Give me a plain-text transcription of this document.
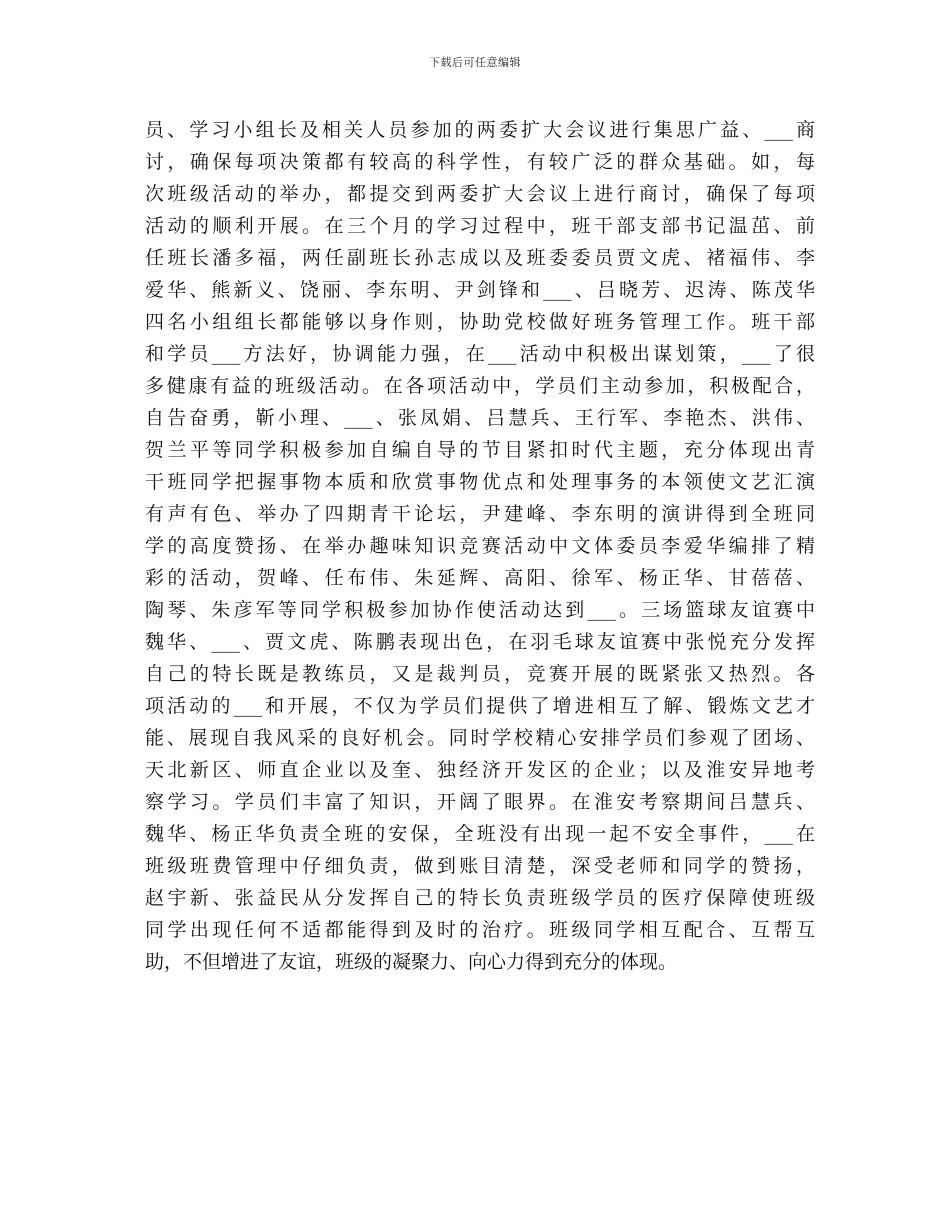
下载后可任意编辑
员、学习小组长及相关人员参加的两委扩大会议进行集思广益、___商
讨，确保每项决策都有较高的科学性，有较广泛的群众基础。如，每
次班级活动的举办，都提交到两委扩大会议上进行商讨，确保了每项
活动的顺利开展。在三个月的学习过程中，班干部支部书记温茁、前
任班长潘多福，两任副班长孙志成以及班委委员贾文虎、褚福伟、李
爱华、熊新义、饶丽、李东明、尹剑锋和___、吕晓芳、迟涛、陈茂华
四名小组组长都能够以身作则，协助党校做好班务管理工作。班干部
和学员___方法好，协调能力强，在___活动中积极出谋划策，___了很
多健康有益的班级活动。在各项活动中，学员们主动参加，积极配合，
自告奋勇，靳小理、___、张凤娟、吕慧兵、王行军、李艳杰、洪伟、
贺兰平等同学积极参加自编自导的节目紧扣时代主题，充分体现出青
干班同学把握事物本质和欣赏事物优点和处理事务的本领使文艺汇演
有声有色、举办了四期青干论坛，尹建峰、李东明的演讲得到全班同
学的高度赞扬、在举办趣味知识竞赛活动中文体委员李爱华编排了精
彩的活动，贺峰、任布伟、朱延辉、高阳、徐军、杨正华、甘蓓蓓、
陶琴、朱彦军等同学积极参加协作使活动达到___。三场篮球友谊赛中
魏华、___、贾文虎、陈鹏表现出色，在羽毛球友谊赛中张悦充分发挥
自己的特长既是教练员，又是裁判员，竞赛开展的既紧张又热烈。各
项活动的___和开展，不仅为学员们提供了增进相互了解、锻炼文艺才
能、展现自我风采的良好机会。同时学校精心安排学员们参观了团场、
天北新区、师直企业以及奎、独经济开发区的企业；以及淮安异地考
察学习。学员们丰富了知识，开阔了眼界。在淮安考察期间吕慧兵、
魏华、杨正华负责全班的安保，全班没有出现一起不安全事件，___在
班级班费管理中仔细负责，做到账目清楚，深受老师和同学的赞扬，
赵宇新、张益民从分发挥自己的特长负责班级学员的医疗保障使班级
同学出现任何不适都能得到及时的治疗。班级同学相互配合、互帮互
助，不但增进了友谊，班级的凝聚力、向心力得到充分的体现。
